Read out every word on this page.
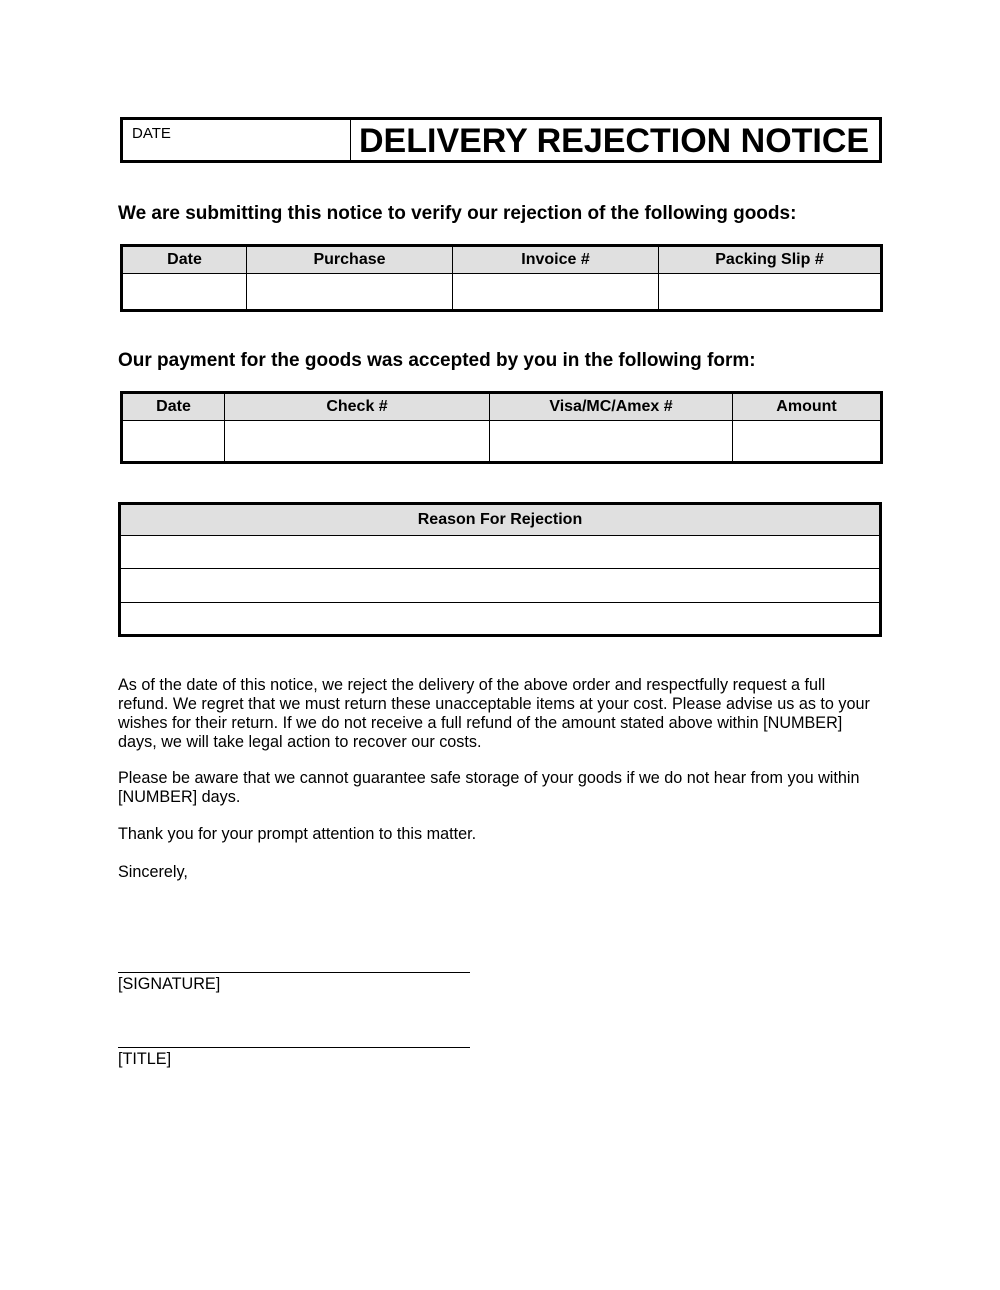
DATE	DELIVERY REJECTION NOTICE
We are submitting this notice to verify our rejection of the following goods:
Date	Purchase	Invoice #	Packing Slip #

Our payment for the goods was accepted by you in the following form:
Date	Check #	Visa/MC/Amex #	Amount

Reason For Rejection

As of the date of this notice, we reject the delivery of the above order and respectfully request a full
refund. We regret that we must return these unacceptable items at your cost. Please advise us as to your
wishes for their return. If we do not receive a full refund of the amount stated above within [NUMBER]
days, we will take legal action to recover our costs.
Please be aware that we cannot guarantee safe storage of your goods if we do not hear from you within
[NUMBER] days.
Thank you for your prompt attention to this matter.
Sincerely,
[SIGNATURE]
[TITLE]
